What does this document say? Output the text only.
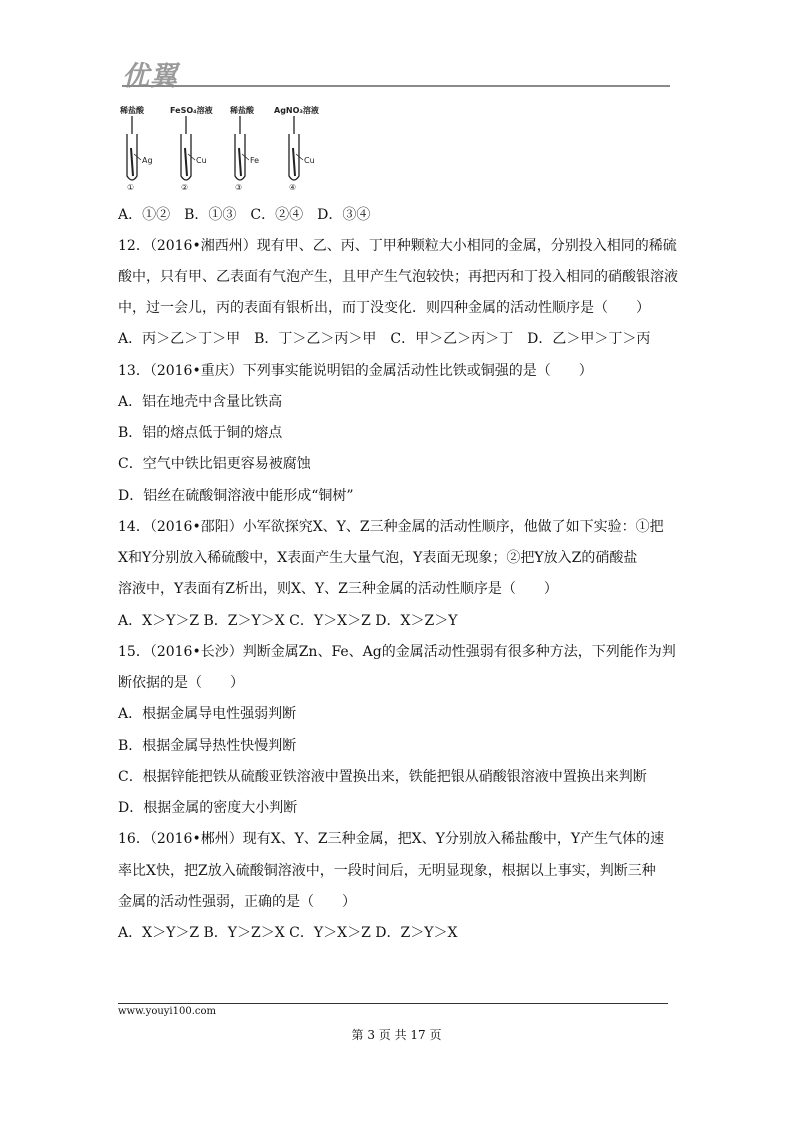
优翼
稀盐酸
Ag
①
FeSO₄溶液
Cu
②
稀盐酸
Fe
③
AgNO₃溶液
Cu
④
A．①②　B．①③　C．②④　D．③④
12．（2016•湘西州）现有甲、乙、丙、丁甲种颗粒大小相同的金属，分别投入相同的稀硫
酸中，只有甲、乙表面有气泡产生，且甲产生气泡较快；再把丙和丁投入相同的硝酸银溶液
中，过一会儿，丙的表面有银析出，而丁没变化．则四种金属的活动性顺序是（　　）
A．丙＞乙＞丁＞甲　B．丁＞乙＞丙＞甲　C．甲＞乙＞丙＞丁　D．乙＞甲＞丁＞丙
13．（2016•重庆）下列事实能说明铝的金属活动性比铁或铜强的是（　　）
A．铝在地壳中含量比铁高
B．铝的熔点低于铜的熔点
C．空气中铁比铝更容易被腐蚀
D．铝丝在硫酸铜溶液中能形成“铜树”
14．（2016•邵阳）小军欲探究X、Y、Z三种金属的活动性顺序，他做了如下实验：①把
X和Y分别放入稀硫酸中，X表面产生大量气泡，Y表面无现象；②把Y放入Z的硝酸盐
溶液中，Y表面有Z析出，则X、Y、Z三种金属的活动性顺序是（　　）
A．X＞Y＞Z B．Z＞Y＞X C．Y＞X＞Z D．X＞Z＞Y
15．（2016•长沙）判断金属Zn、Fe、Ag的金属活动性强弱有很多种方法，下列能作为判
断依据的是（　　）
A．根据金属导电性强弱判断
B．根据金属导热性快慢判断
C．根据锌能把铁从硫酸亚铁溶液中置换出来，铁能把银从硝酸银溶液中置换出来判断
D．根据金属的密度大小判断
16．（2016•郴州）现有X、Y、Z三种金属，把X、Y分别放入稀盐酸中，Y产生气体的速
率比X快，把Z放入硫酸铜溶液中，一段时间后，无明显现象，根据以上事实，判断三种
金属的活动性强弱，正确的是（　　）
A．X＞Y＞Z B．Y＞Z＞X C．Y＞X＞Z D．Z＞Y＞X
www.youyi100.com
第 3 页 共 17 页
